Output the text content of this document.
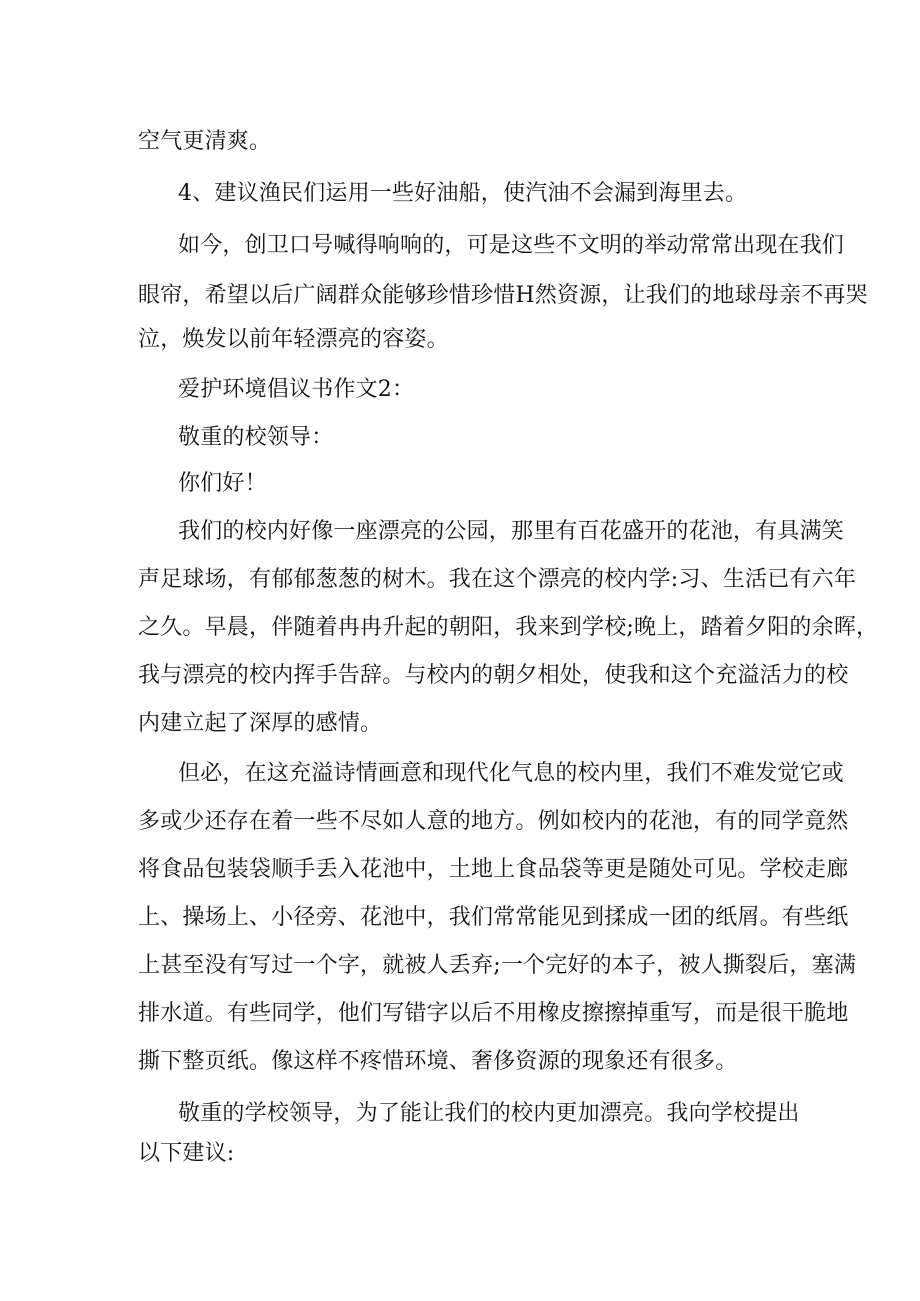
空气更清爽。
4、建议渔民们运用一些好油船，使汽油不会漏到海里去。
如今，创卫口号喊得响响的，可是这些不文明的举动常常出现在我们
眼帘，希望以后广阔群众能够珍惜珍惜H然资源，让我们的地球母亲不再哭
泣，焕发以前年轻漂亮的容姿。
爱护环境倡议书作文2：
敬重的校领导：
你们好！
我们的校内好像一座漂亮的公园，那里有百花盛开的花池，有具满笑
声足球场，有郁郁葱葱的树木。我在这个漂亮的校内学:习、生活已有六年
之久。早晨，伴随着冉冉升起的朝阳，我来到学校;晚上，踏着夕阳的余晖，
我与漂亮的校内挥手告辞。与校内的朝夕相处，使我和这个充溢活力的校
内建立起了深厚的感情。
但必，在这充溢诗情画意和现代化气息的校内里，我们不难发觉它或
多或少还存在着一些不尽如人意的地方。例如校内的花池，有的同学竟然
将食品包装袋顺手丢入花池中，土地上食品袋等更是随处可见。学校走廊
上、操场上、小径旁、花池中，我们常常能见到揉成一团的纸屑。有些纸
上甚至没有写过一个字，就被人丢弃;一个完好的本子，被人撕裂后，塞满
排水道。有些同学，他们写错字以后不用橡皮擦擦掉重写，而是很干脆地
撕下整页纸。像这样不疼惜环境、奢侈资源的现象还有很多。
敬重的学校领导，为了能让我们的校内更加漂亮。我向学校提出
以下建议:
